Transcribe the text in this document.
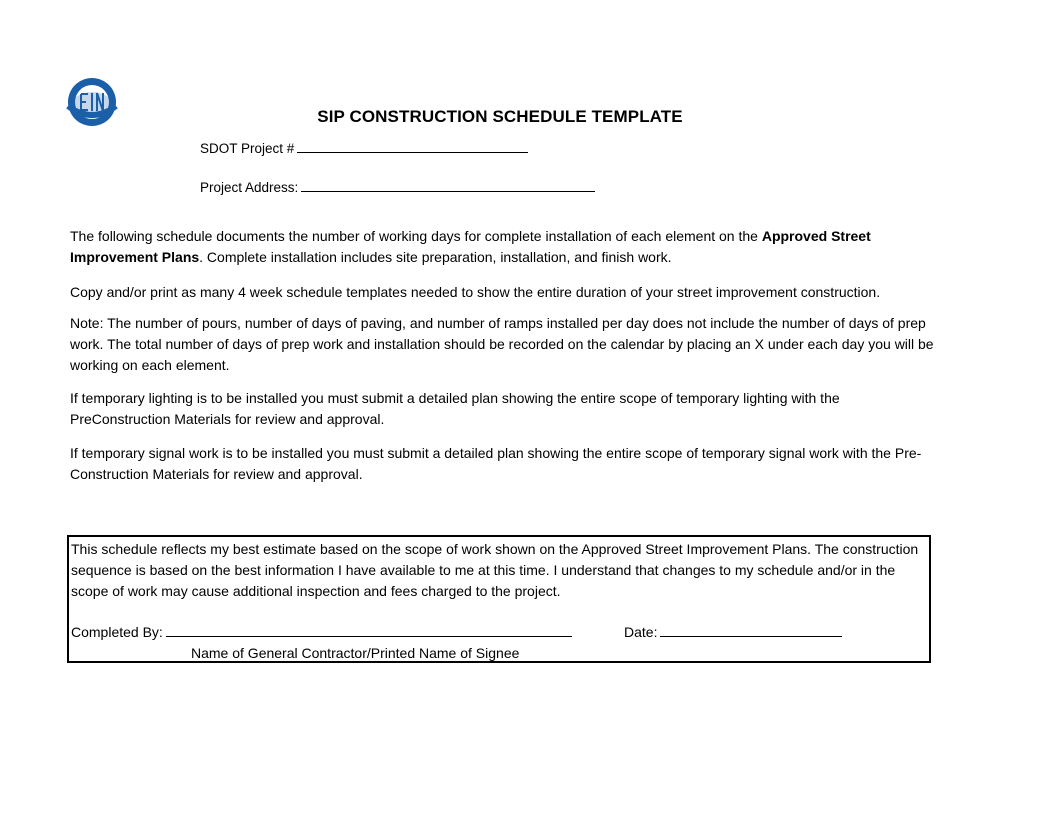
SIP CONSTRUCTION SCHEDULE TEMPLATE
SDOT Project #
Project Address:

The following schedule documents the number of working days for complete installation of each element on the Approved Street Improvement Plans. Complete installation includes site preparation, installation, and finish work.

Copy and/or print as many 4 week schedule templates needed to show the entire duration of your street improvement construction.

Note: The number of pours, number of days of paving, and number of ramps installed per day does not include the number of days of prep work. The total number of days of prep work and installation should be recorded on the calendar by placing an X under each day you will be working on each element.

If temporary lighting is to be installed you must submit a detailed plan showing the entire scope of temporary lighting with the PreConstruction Materials for review and approval.

If temporary signal work is to be installed you must submit a detailed plan showing the entire scope of temporary signal work with the Pre-Construction Materials for review and approval.

This schedule reflects my best estimate based on the scope of work shown on the Approved Street Improvement Plans. The construction sequence is based on the best information I have available to me at this time. I understand that changes to my schedule and/or in the scope of work may cause additional inspection and fees charged to the project.

Completed By:	Date:
Name of General Contractor/Printed Name of Signee
